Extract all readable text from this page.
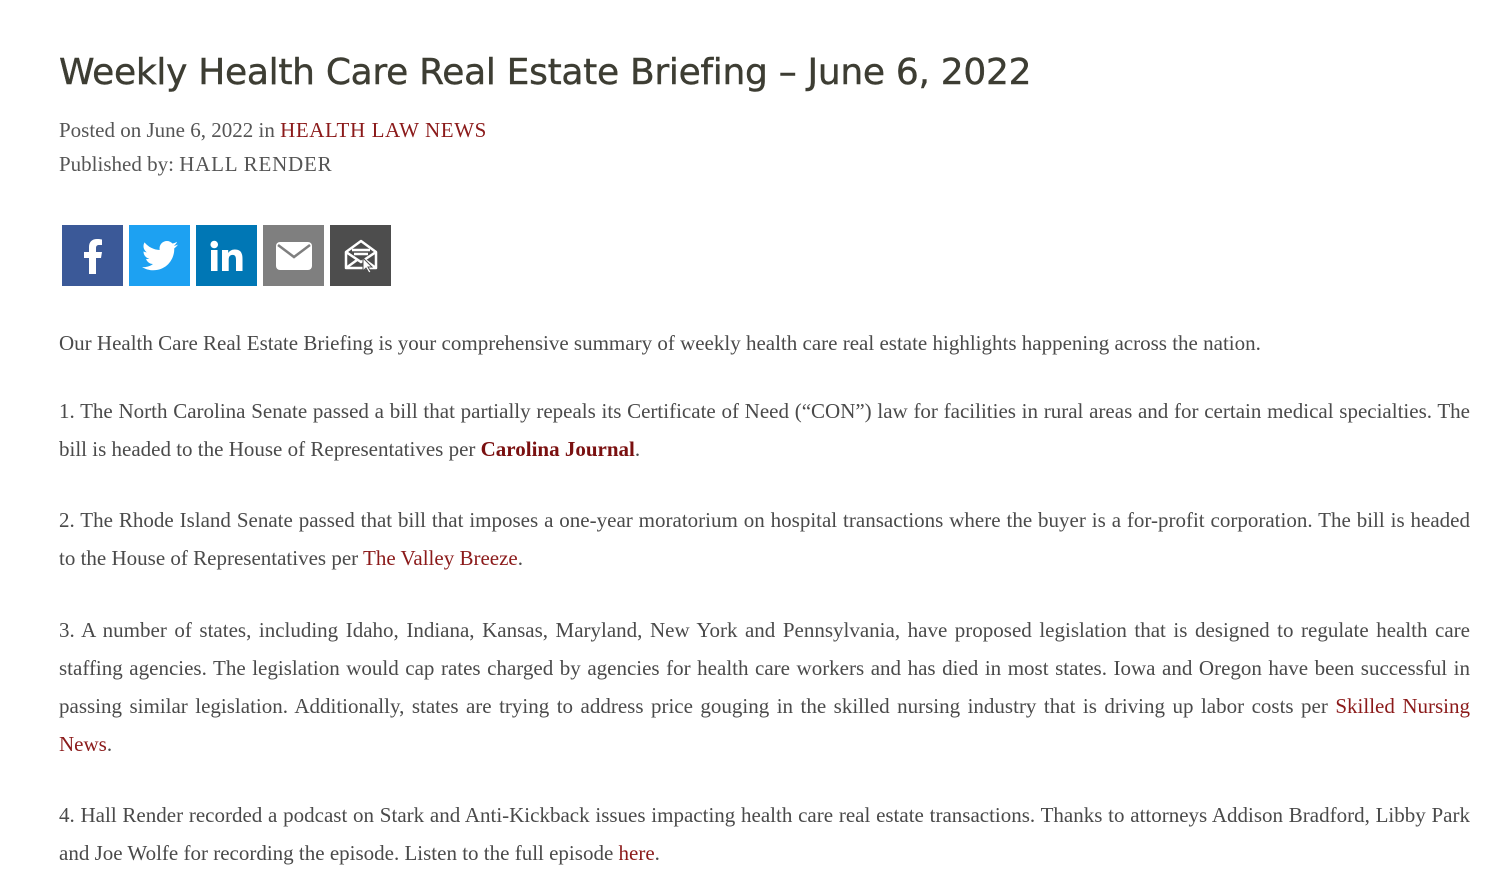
Weekly Health Care Real Estate Briefing – June 6, 2022
Posted on June 6, 2022 in HEALTH LAW NEWS
Published by: HALL RENDER

Our Health Care Real Estate Briefing is your comprehensive summary of weekly health care real estate highlights happening across the nation.

1. The North Carolina Senate passed a bill that partially repeals its Certificate of Need (“CON”) law for facilities in rural areas and for certain medical specialties. The bill is headed to the House of Representatives per Carolina Journal.

2. The Rhode Island Senate passed that bill that imposes a one-year moratorium on hospital transactions where the buyer is a for-profit corporation. The bill is headed to the House of Representatives per The Valley Breeze.

3. A number of states, including Idaho, Indiana, Kansas, Maryland, New York and Pennsylvania, have proposed legislation that is designed to regulate health care staffing agencies. The legislation would cap rates charged by agencies for health care workers and has died in most states. Iowa and Oregon have been successful in passing similar legislation. Additionally, states are trying to address price gouging in the skilled nursing industry that is driving up labor costs per Skilled Nursing News.

4. Hall Render recorded a podcast on Stark and Anti-Kickback issues impacting health care real estate transactions. Thanks to attorneys Addison Bradford, Libby Park and Joe Wolfe for recording the episode. Listen to the full episode here.
